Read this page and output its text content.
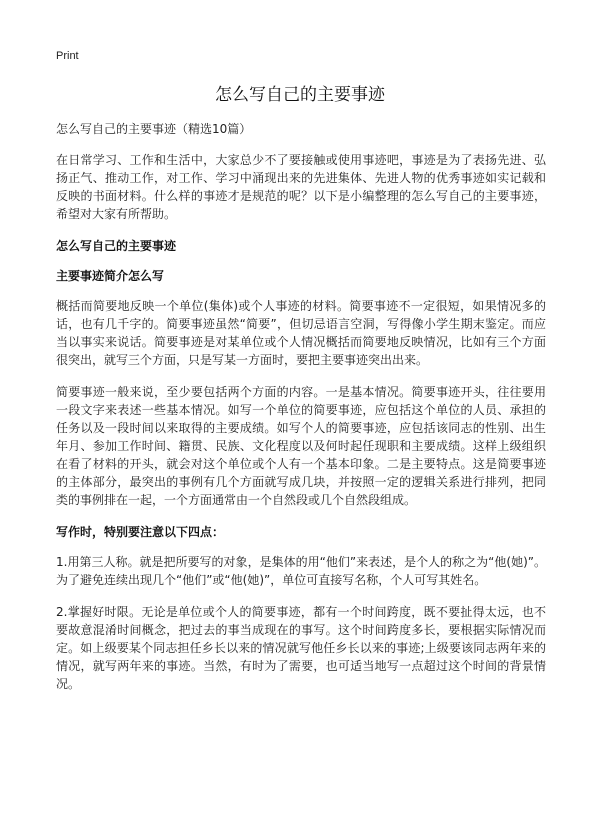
Print
怎么写自己的主要事迹
怎么写自己的主要事迹（精选10篇）

在日常学习、工作和生活中，大家总少不了要接触或使用事迹吧，事迹是为了表扬先进、弘扬正气、推动工作，对工作、学习中涌现出来的先进集体、先进人物的优秀事迹如实记载和反映的书面材料。什么样的事迹才是规范的呢？以下是小编整理的怎么写自己的主要事迹，希望对大家有所帮助。

怎么写自己的主要事迹
主要事迹简介怎么写

概括而简要地反映一个单位(集体)或个人事迹的材料。简要事迹不一定很短，如果情况多的话，也有几千字的。简要事迹虽然“简要”，但切忌语言空洞，写得像小学生期末鉴定。而应当以事实来说话。简要事迹是对某单位或个人情况概括而简要地反映情况，比如有三个方面很突出，就写三个方面，只是写某一方面时，要把主要事迹突出出来。

简要事迹一般来说，至少要包括两个方面的内容。一是基本情况。简要事迹开头，往往要用一段文字来表述一些基本情况。如写一个单位的简要事迹，应包括这个单位的人员、承担的任务以及一段时间以来取得的主要成绩。如写个人的简要事迹，应包括该同志的性别、出生年月、参加工作时间、籍贯、民族、文化程度以及何时起任现职和主要成绩。这样上级组织在看了材料的开头，就会对这个单位或个人有一个基本印象。二是主要特点。这是简要事迹的主体部分，最突出的事例有几个方面就写成几块，并按照一定的逻辑关系进行排列，把同类的事例排在一起，一个方面通常由一个自然段或几个自然段组成。

写作时，特别要注意以下四点：

1.用第三人称。就是把所要写的对象，是集体的用“他们”来表述，是个人的称之为“他(她)”。为了避免连续出现几个“他们”或“他(她)”，单位可直接写名称，个人可写其姓名。

2.掌握好时限。无论是单位或个人的简要事迹，都有一个时间跨度，既不要扯得太远，也不要故意混淆时间概念，把过去的事当成现在的事写。这个时间跨度多长，要根据实际情况而定。如上级要某个同志担任乡长以来的情况就写他任乡长以来的事迹;上级要该同志两年来的情况，就写两年来的事迹。当然，有时为了需要，也可适当地写一点超过这个时间的背景情况。
